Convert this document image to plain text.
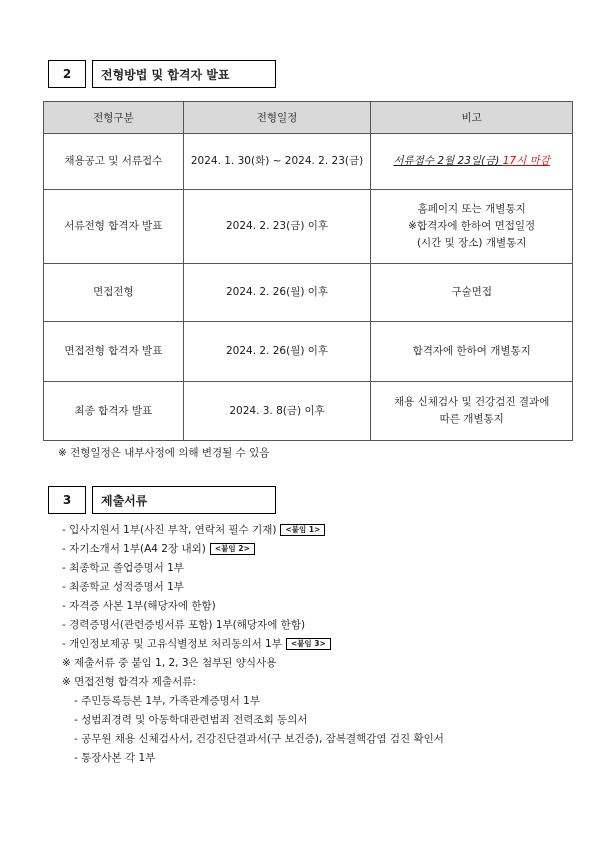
2	전형방법 및 합격자 발표
전형구분	전형일정	비고
채용공고 및 서류접수	2024. 1. 30(화) ~ 2024. 2. 23(금)	서류접수 2월 23일(금) 17시 마감
서류전형 합격자 발표	2024. 2. 23(금) 이후	홈페이지 또는 개별통지
※합격자에 한하여 면접일정
(시간 및 장소) 개별통지

면접전형	2024. 2. 26(월) 이후	구술면접
면접전형 합격자 발표	2024. 2. 26(월) 이후	합격자에 한하여 개별통지
최종 합격자 발표	2024. 3. 8(금) 이후	채용 신체검사 및 건강검진 결과에
따른 개별통지
※ 전형일정은 내부사정에 의해 변경될 수 있음
3	제출서류
- 입사지원서 1부(사진 부착, 연락처 필수 기재) <붙임 1>
- 자기소개서 1부(A4 2장 내외) <붙임 2>
- 최종학교 졸업증명서 1부
- 최종학교 성적증명서 1부
- 자격증 사본 1부(해당자에 한함)
- 경력증명서(관련증빙서류 포함) 1부(해당자에 한함)
- 개인정보제공 및 고유식별정보 처리동의서 1부 <붙임 3>
※ 제출서류 중 붙임 1, 2, 3은 첨부된 양식사용
※ 면접전형 합격자 제출서류:
- 주민등록등본 1부, 가족관계증명서 1부
- 성범죄경력 및 아동학대관련범죄 전력조회 동의서
- 공무원 채용 신체검사서, 건강진단결과서(구 보건증), 잠복결핵감염 검진 확인서
- 통장사본 각 1부
